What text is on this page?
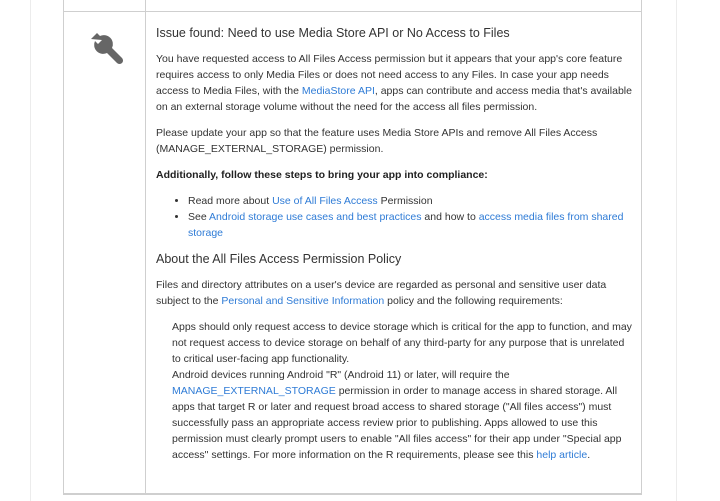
Issue found: Need to use Media Store API or No Access to Files

You have requested access to All Files Access permission but it appears that your app's core feature requires access to only Media Files or does not need access to any Files. In case your app needs access to Media Files, with the MediaStore API, apps can contribute and access media that's available on an external storage volume without the need for the access all files permission.

Please update your app so that the feature uses Media Store APIs and remove All Files Access (MANAGE_EXTERNAL_STORAGE) permission.

Additionally, follow these steps to bring your app into compliance:

• Read more about Use of All Files Access Permission
• See Android storage use cases and best practices and how to access media files from shared storage
About the All Files Access Permission Policy

Files and directory attributes on a user's device are regarded as personal and sensitive user data subject to the Personal and Sensitive Information policy and the following requirements:

Apps should only request access to device storage which is critical for the app to function, and may not request access to device storage on behalf of any third-party for any purpose that is unrelated to critical user-facing app functionality.

Android devices running Android "R" (Android 11) or later, will require the MANAGE_EXTERNAL_STORAGE permission in order to manage access in shared storage. All apps that target R or later and request broad access to shared storage ("All files access") must successfully pass an appropriate access review prior to publishing. Apps allowed to use this permission must clearly prompt users to enable "All files access" for their app under "Special app access" settings. For more information on the R requirements, please see this help article.
